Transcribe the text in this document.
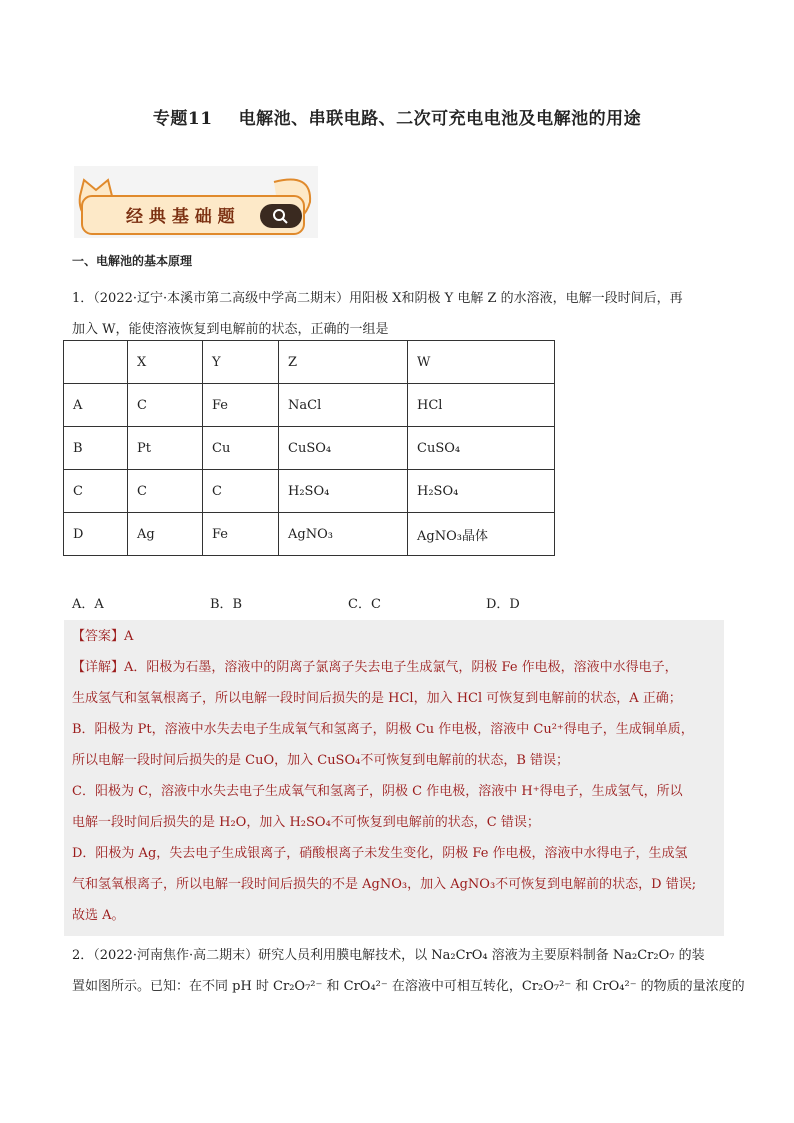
专题11 电解池、串联电路、二次可充电电池及电解池的用途
经 典 基 础 题
一、电解池的基本原理
1．（2022·辽宁·本溪市第二高级中学高二期末）用阳极 X和阴极 Y 电解 Z 的水溶液，电解一段时间后，再
加入 W，能使溶液恢复到电解前的状态，正确的一组是
	X	Y	Z	W
A	C	Fe	NaCl	HCl
B	Pt	Cu	CuSO₄	CuSO₄
C	C	C	H₂SO₄	H₂SO₄
D	Ag	Fe	AgNO₃	AgNO₃晶体
A．A	B．B	C．C	D．D

【答案】A

【详解】A．阳极为石墨，溶液中的阴离子氯离子失去电子生成氯气，阴极 Fe 作电极，溶液中水得电子，

生成氢气和氢氧根离子，所以电解一段时间后损失的是 HCl，加入 HCl 可恢复到电解前的状态，A 正确；

B．阳极为 Pt，溶液中水失去电子生成氧气和氢离子，阴极 Cu 作电极，溶液中 Cu²⁺得电子，生成铜单质，

所以电解一段时间后损失的是 CuO，加入 CuSO₄不可恢复到电解前的状态，B 错误；

C．阳极为 C，溶液中水失去电子生成氧气和氢离子，阴极 C 作电极，溶液中 H⁺得电子，生成氢气，所以

电解一段时间后损失的是 H₂O，加入 H₂SO₄不可恢复到电解前的状态，C 错误；

D．阳极为 Ag，失去电子生成银离子，硝酸根离子未发生变化，阴极 Fe 作电极，溶液中水得电子，生成氢

气和氢氧根离子，所以电解一段时间后损失的不是 AgNO₃，加入 AgNO₃不可恢复到电解前的状态，D 错误;

故选 A。

2．（2022·河南焦作·高二期末）研究人员利用膜电解技术，以 Na₂CrO₄ 溶液为主要原料制备 Na₂Cr₂O₇ 的装

置如图所示。已知：在不同 pH 时 Cr₂O₇²⁻ 和 CrO₄²⁻ 在溶液中可相互转化，Cr₂O₇²⁻ 和 CrO₄²⁻ 的物质的量浓度的
